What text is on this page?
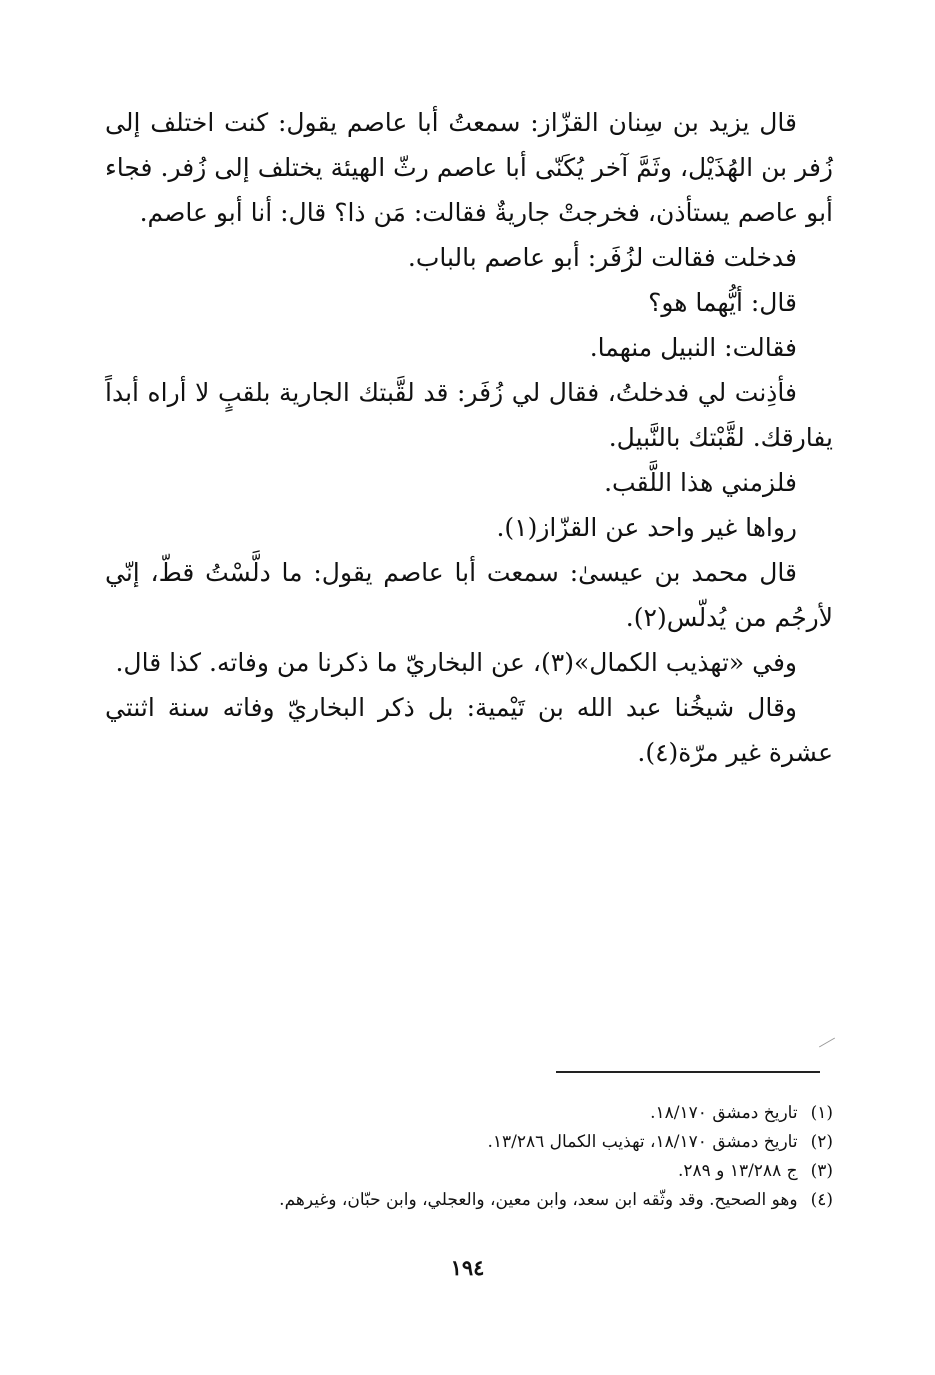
قال يزيد بن سِنان القزّاز: سمعتُ أبا عاصم يقول: كنت اختلف إلى زُفر بن الهُذَيْل، وثَمَّ آخر يُكَنّى أبا عاصم رثّ الهيئة يختلف إلى زُفر. فجاء أبو عاصم يستأذن، فخرجتْ جاريةٌ فقالت: مَن ذا؟ قال: أنا أبو عاصم.

فدخلت فقالت لزُفَر: أبو عاصم بالباب.

قال: أيُّهما هو؟

فقالت: النبيل منهما.

فأذِنت لي فدخلتُ، فقال لي زُفَر: قد لقَّبتك الجارية بلقبٍ لا أراه أبداً يفارقك. لقَّبْتك بالنَّبيل.

فلزمني هذا اللَّقب.

رواها غير واحد عن القزّاز(١).

قال محمد بن عيسىٰ: سمعت أبا عاصم يقول: ما دلَّسْتُ قطّ، إنّي لأرجُم من يُدلّس(٢).

وفي «تهذيب الكمال»(٣)، عن البخاريّ ما ذكرنا من وفاته. كذا قال.

وقال شيخُنا عبد الله بن تَيْمية: بل ذكر البخاريّ وفاته سنة اثنتي عشرة غير مرّة(٤).

(١) تاريخ دمشق ١٨/١٧٠.

(٢) تاريخ دمشق ١٨/١٧٠، تهذيب الكمال ١٣/٢٨٦.

(٣) ج ١٣/٢٨٨ و ٢٨٩.

(٤) وهو الصحيح. وقد وثّقه ابن سعد، وابن معين، والعجلي، وابن حبّان، وغيرهم.

١٩٤
